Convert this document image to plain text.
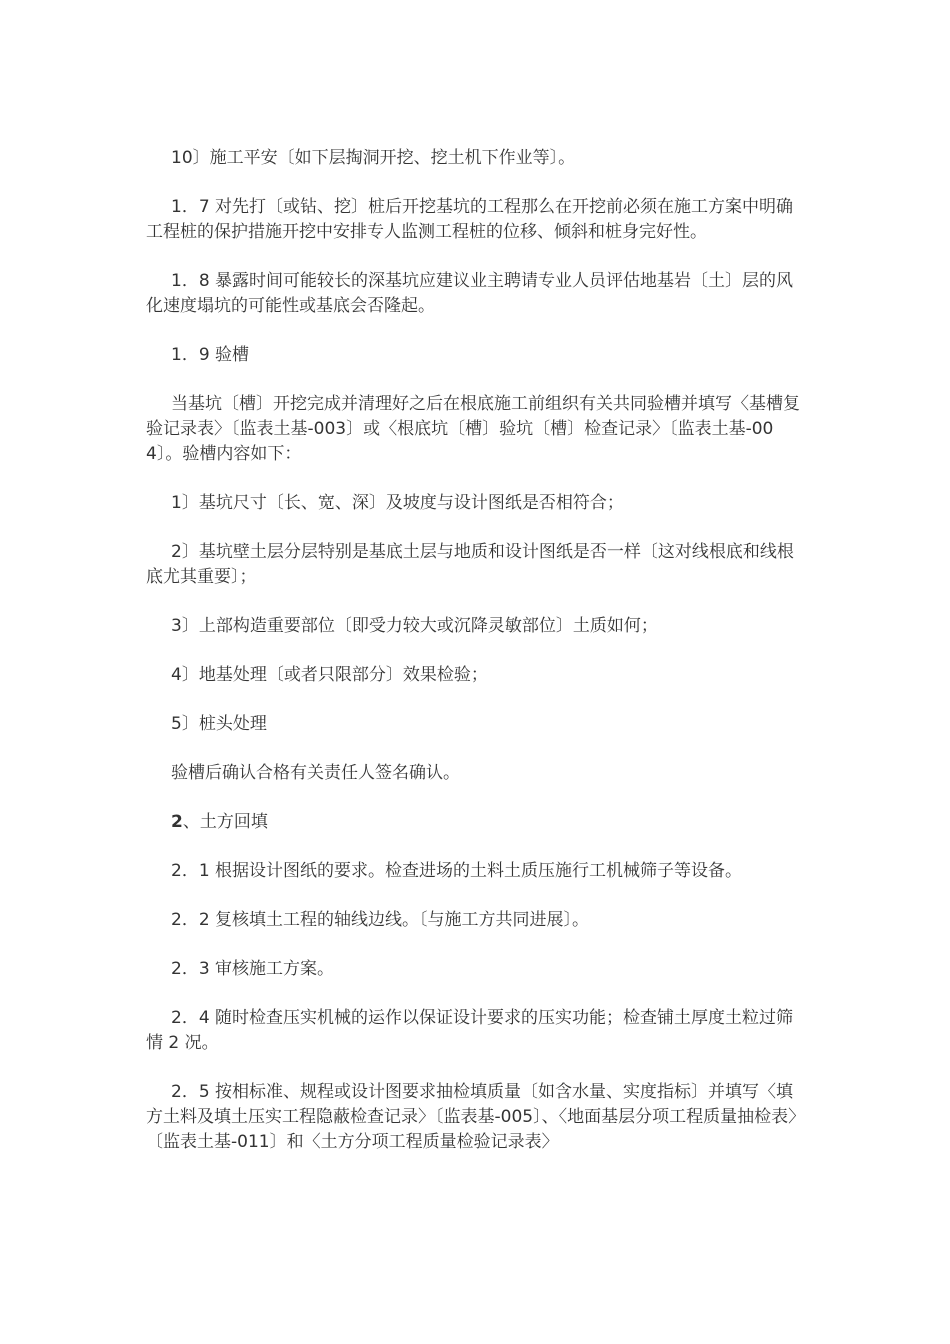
10〕施工平安〔如下层掏洞开挖、挖土机下作业等〕。

1．7 对先打〔或钻、挖〕桩后开挖基坑的工程那么在开挖前必须在施工方案中明确工程桩的保护措施开挖中安排专人监测工程桩的位移、倾斜和桩身完好性。

1．8 暴露时间可能较长的深基坑应建议业主聘请专业人员评估地基岩〔土〕层的风化速度塌坑的可能性或基底会否隆起。

1．9 验槽

当基坑〔槽〕开挖完成并清理好之后在根底施工前组织有关共同验槽并填写〈基槽复验记录表〉〔监表土基-003〕或〈根底坑〔槽〕验坑〔槽〕检查记录〉〔监表土基-004〕。验槽内容如下：

1〕基坑尺寸〔长、宽、深〕及坡度与设计图纸是否相符合；

2〕基坑壁土层分层特别是基底土层与地质和设计图纸是否一样〔这对线根底和线根底尤其重要〕；

3〕上部构造重要部位〔即受力较大或沉降灵敏部位〕土质如何；

4〕地基处理〔或者只限部分〕效果检验；

5〕桩头处理

验槽后确认合格有关责任人签名确认。

2、土方回填

2．1 根据设计图纸的要求。检查进场的土料土质压施行工机械筛子等设备。

2．2 复核填土工程的轴线边线。〔与施工方共同进展〕。

2．3 审核施工方案。

2．4 随时检查压实机械的运作以保证设计要求的压实功能；检查铺土厚度土粒过筛情 2 况。

2．5 按相标准、规程或设计图要求抽检填质量〔如含水量、实度指标〕并填写〈填方土料及填土压实工程隐蔽检查记录〉〔监表基-005〕、〈地面基层分项工程质量抽检表〉〔监表土基-011〕和〈土方分项工程质量检验记录表〉
